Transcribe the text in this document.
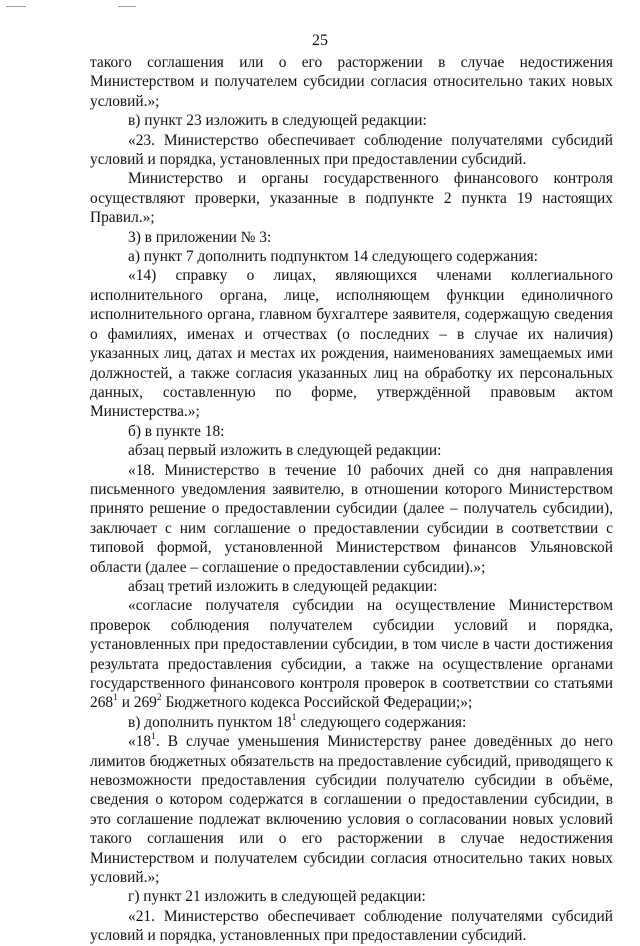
25

такого соглашения или о его расторжении в случае недостижения Министерством и получателем субсидии согласия относительно таких новых условий.»;

в) пункт 23 изложить в следующей редакции:

«23. Министерство обеспечивает соблюдение получателями субсидий условий и порядка, установленных при предоставлении субсидий.

Министерство и органы государственного финансового контроля осуществляют проверки, указанные в подпункте 2 пункта 19 настоящих Правил.»;

3) в приложении № 3:

а) пункт 7 дополнить подпунктом 14 следующего содержания:

«14) справку о лицах, являющихся членами коллегиального исполнительного органа, лице, исполняющем функции единоличного исполнительного органа, главном бухгалтере заявителя, содержащую сведения о фамилиях, именах и отчествах (о последних – в случае их наличия) указанных лиц, датах и местах их рождения, наименованиях замещаемых ими должностей, а также согласия указанных лиц на обработку их персональных данных, составленную по форме, утверждённой правовым актом Министерства.»;

б) в пункте 18:

абзац первый изложить в следующей редакции:

«18. Министерство в течение 10 рабочих дней со дня направления письменного уведомления заявителю, в отношении которого Министерством принято решение о предоставлении субсидии (далее – получатель субсидии), заключает с ним соглашение о предоставлении субсидии в соответствии с типовой формой, установленной Министерством финансов Ульяновской области (далее – соглашение о предоставлении субсидии).»;

абзац третий изложить в следующей редакции:

«согласие получателя субсидии на осуществление Министерством проверок соблюдения получателем субсидии условий и порядка, установленных при предоставлении субсидии, в том числе в части достижения результата предоставления субсидии, а также на осуществление органами государственного финансового контроля проверок в соответствии со статьями $268^1$ и $269^2$ Бюджетного кодекса Российской Федерации;»;

в) дополнить пунктом $18^1$ следующего содержания:

«$18^1$. В случае уменьшения Министерству ранее доведённых до него лимитов бюджетных обязательств на предоставление субсидий, приводящего к невозможности предоставления субсидии получателю субсидии в объёме, сведения о котором содержатся в соглашении о предоставлении субсидии, в это соглашение подлежат включению условия о согласовании новых условий такого соглашения или о его расторжении в случае недостижения Министерством и получателем субсидии согласия относительно таких новых условий.»;

г) пункт 21 изложить в следующей редакции:

«21. Министерство обеспечивает соблюдение получателями субсидий условий и порядка, установленных при предоставлении субсидий.
